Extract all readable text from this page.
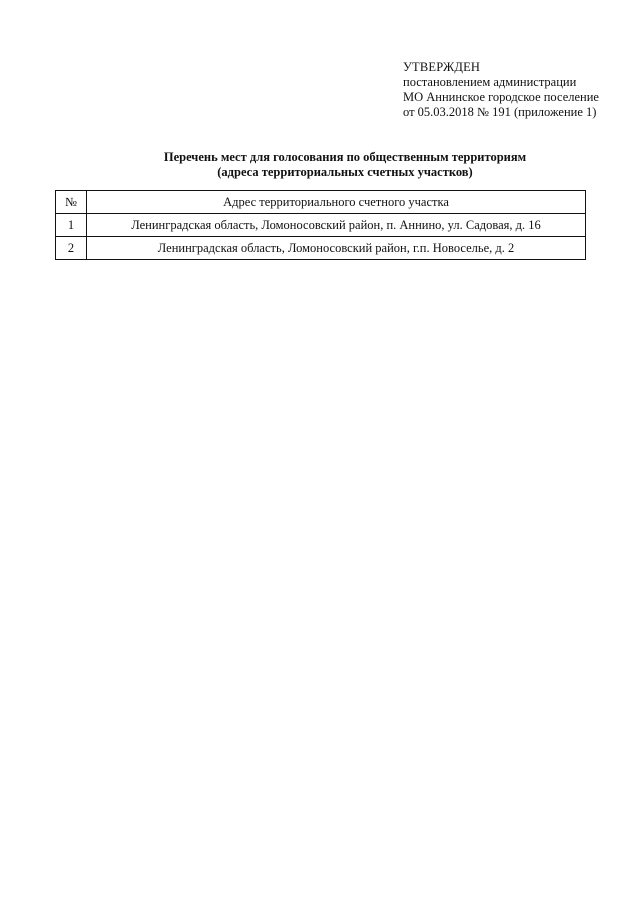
УТВЕРЖДЕН
постановлением администрации
МО Аннинское городское поселение
от 05.03.2018 № 191 (приложение 1)
Перечень мест для голосования по общественным территориям
(адреса территориальных счетных участков)
№	Адрес территориального счетного участка
1	Ленинградская область, Ломоносовский район, п. Аннино, ул. Садовая, д. 16
2	Ленинградская область, Ломоносовский район, г.п. Новоселье, д. 2
